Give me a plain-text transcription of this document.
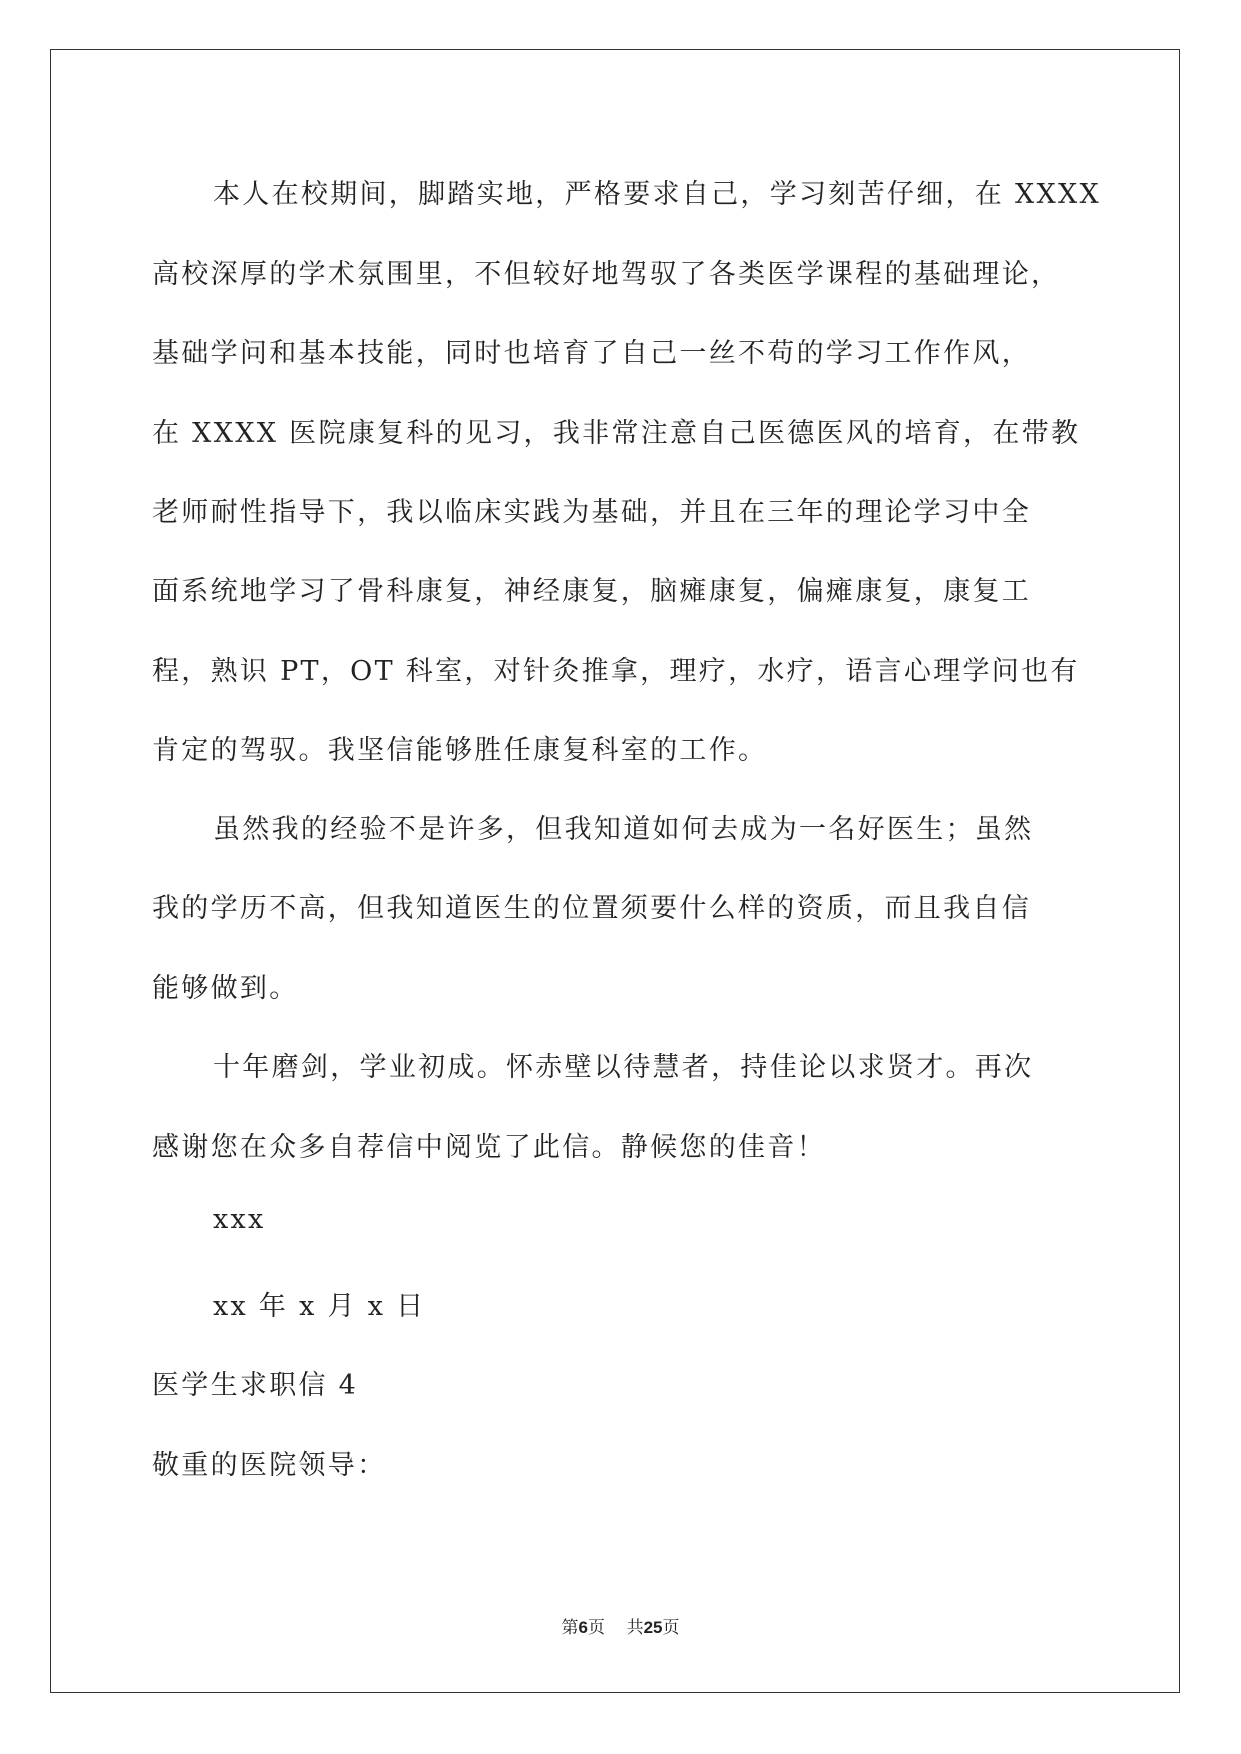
本人在校期间，脚踏实地，严格要求自己，学习刻苦仔细，在 XXXX
高校深厚的学术氛围里，不但较好地驾驭了各类医学课程的基础理论，
基础学问和基本技能，同时也培育了自己一丝不苟的学习工作作风，
在 XXXX 医院康复科的见习，我非常注意自己医德医风的培育，在带教
老师耐性指导下，我以临床实践为基础，并且在三年的理论学习中全
面系统地学习了骨科康复，神经康复，脑瘫康复，偏瘫康复，康复工
程，熟识 PT，OT 科室，对针灸推拿，理疗，水疗，语言心理学问也有
肯定的驾驭。我坚信能够胜任康复科室的工作。
虽然我的经验不是许多，但我知道如何去成为一名好医生；虽然
我的学历不高，但我知道医生的位置须要什么样的资质，而且我自信
能够做到。
十年磨剑，学业初成。怀赤壁以待慧者，持佳论以求贤才。再次
感谢您在众多自荐信中阅览了此信。静候您的佳音！
xxx
xx 年 x 月 x 日
医学生求职信 4
敬重的医院领导：
第6页    共25页
